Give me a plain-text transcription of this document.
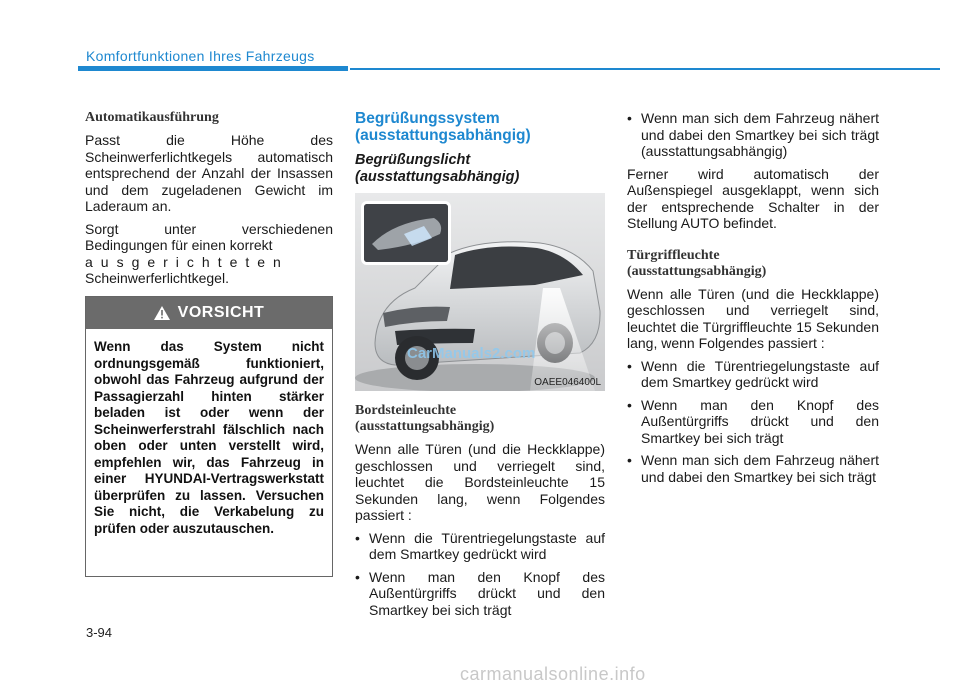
Komfortfunktionen Ihres Fahrzeugs
Automatikausführung

Passt die Höhe des Scheinwerferlichtkegels automatisch entsprechend der Anzahl der Insassen und dem zugeladenen Gewicht im Laderaum an.

Sorgt unter verschiedenen Bedingungen für einen korrekt

ausgerichteten
Scheinwerferlichtkegel.

VORSICHT
Wenn das System nicht ordnungsgemäß funktioniert, obwohl das Fahrzeug aufgrund der Passagierzahl hinten stärker beladen ist oder wenn der Scheinwerferstrahl fälschlich nach oben oder unten verstellt wird, empfehlen wir, das Fahrzeug in einer HYUNDAI-Vertragswerkstatt überprüfen zu lassen. Versuchen Sie nicht, die Verkabelung zu prüfen oder auszutauschen.
Begrüßungssystem
(ausstattungsabhängig)
Begrüßungslicht
(ausstattungsabhängig)
CarManuals2.com
OAEE046400L
Bordsteinleuchte
(ausstattungsabhängig)

Wenn alle Türen (und die Heckklappe) geschlossen und verriegelt sind, leuchtet die Bordsteinleuchte 15 Sekunden lang, wenn Folgendes passiert :

• Wenn die Türentriegelungstaste auf dem Smartkey gedrückt wird
• Wenn man den Knopf des Außentürgriffs drückt und den Smartkey bei sich trägt
• Wenn man sich dem Fahrzeug nähert und dabei den Smartkey bei sich trägt (ausstattungsabhängig)

Ferner wird automatisch der Außenspiegel ausgeklappt, wenn sich der entsprechende Schalter in der Stellung AUTO befindet.

Türgriffleuchte
(ausstattungsabhängig)

Wenn alle Türen (und die Heckklappe) geschlossen und verriegelt sind, leuchtet die Türgriffleuchte 15 Sekunden lang, wenn Folgendes passiert :

• Wenn die Türentriegelungstaste auf dem Smartkey gedrückt wird
• Wenn man den Knopf des Außentürgriffs drückt und den Smartkey bei sich trägt
• Wenn man sich dem Fahrzeug nähert und dabei den Smartkey bei sich trägt
3-94
carmanualsonline.info
